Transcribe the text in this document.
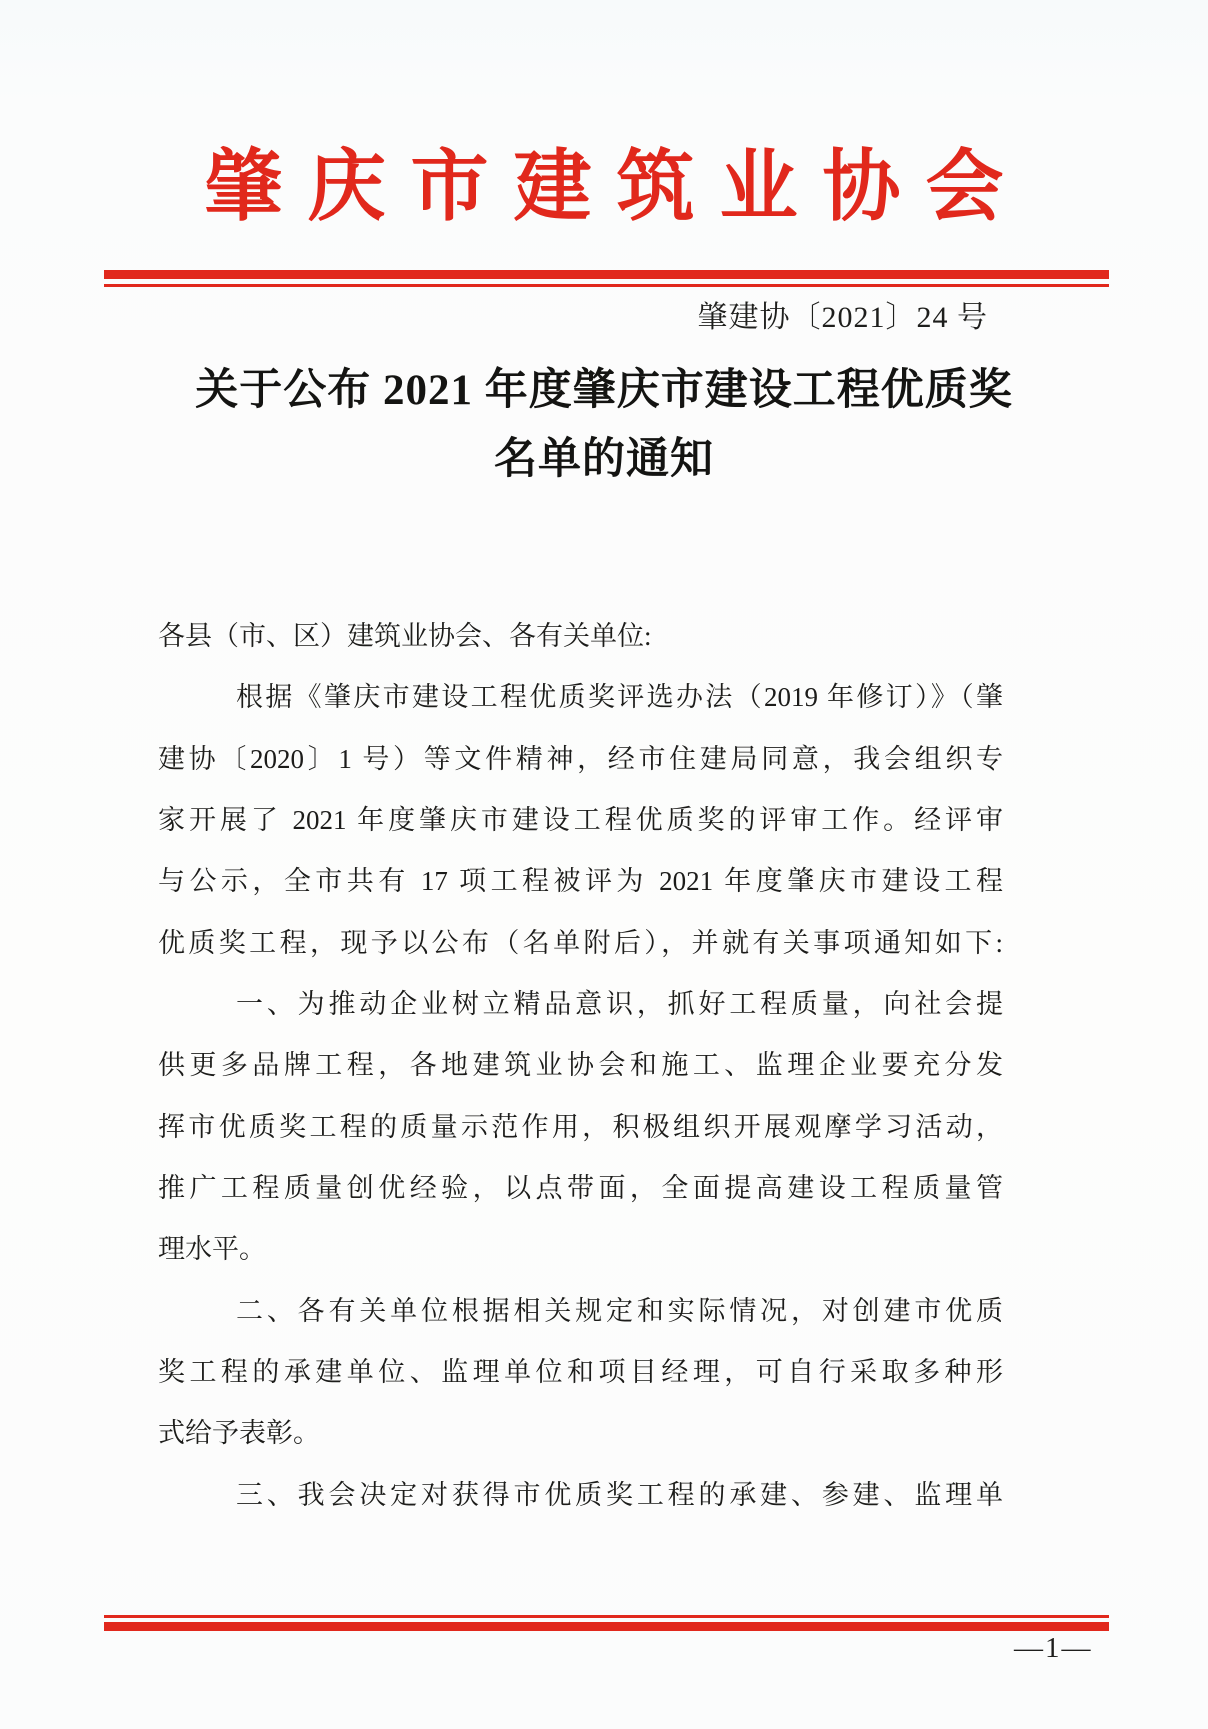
肇庆市建筑业协会
肇建协〔2021〕24 号
关于公布 2021 年度肇庆市建设工程优质奖
名单的通知
各县（市、区）建筑业协会、各有关单位:
根据《肇庆市建设工程优质奖评选办法（2019 年修订）》（肇
建协〔2020〕1 号）等文件精神，经市住建局同意，我会组织专
家开展了 2021 年度肇庆市建设工程优质奖的评审工作。经评审
与公示，全市共有 17 项工程被评为 2021 年度肇庆市建设工程
优质奖工程，现予以公布（名单附后），并就有关事项通知如下:
一、为推动企业树立精品意识，抓好工程质量，向社会提
供更多品牌工程，各地建筑业协会和施工、监理企业要充分发
挥市优质奖工程的质量示范作用，积极组织开展观摩学习活动，
推广工程质量创优经验，以点带面，全面提高建设工程质量管
理水平。
二、各有关单位根据相关规定和实际情况，对创建市优质
奖工程的承建单位、监理单位和项目经理，可自行采取多种形
式给予表彰。
三、我会决定对获得市优质奖工程的承建、参建、监理单
—1—
